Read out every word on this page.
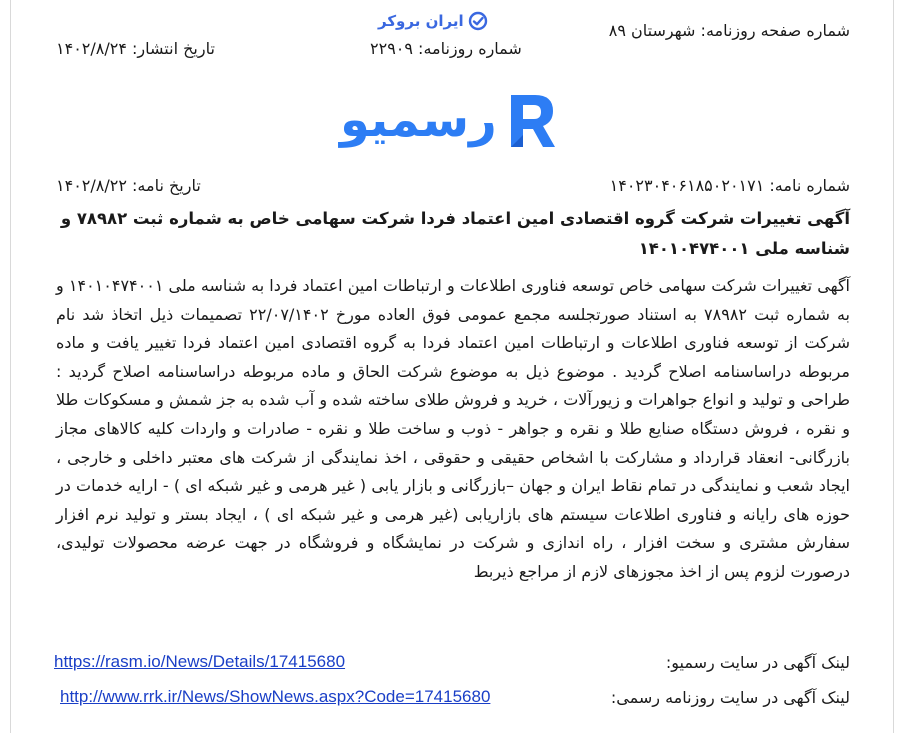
شماره صفحه روزنامه: شهرستان ۸۹
شماره روزنامه: ۲۲۹۰۹
تاریخ انتشار: ۱۴۰۲/۸/۲۴
ایران بروکر
رسمیو
شماره نامه: ۱۴۰۲۳۰۴۰۶۱۸۵۰۲۰۱۷۱
تاریخ نامه: ۱۴۰۲/۸/۲۲
آگهی تغییرات شرکت گروه اقتصادی امین اعتماد فردا شرکت سهامی خاص به شماره ثبت ۷۸۹۸۲ و شناسه ملی ۱۴۰۱۰۴۷۴۰۰۱
آگهی تغییرات شرکت سهامی خاص توسعه فناوری اطلاعات و ارتباطات امین اعتماد فردا به شناسه ملی ۱۴۰۱۰۴۷۴۰۰۱ و به شماره ثبت ۷۸۹۸۲ به استناد صورتجلسه مجمع عمومی فوق العاده مورخ ۲۲/۰۷/۱۴۰۲ تصمیمات ذیل اتخاذ شد نام شرکت از توسعه فناوری اطلاعات و ارتباطات امین اعتماد فردا به گروه اقتصادی امین اعتماد فردا تغییر یافت و ماده مربوطه دراساسنامه اصلاح گردید . موضوع ذیل به موضوع شرکت الحاق و ماده مربوطه دراساسنامه اصلاح گردید : طراحی و تولید و انواع جواهرات و زیورآلات ، خرید و فروش طلای ساخته شده و آب شده به جز شمش و مسکوکات طلا و نقره ، فروش دستگاه صنایع طلا و نقره و جواهر - ذوب و ساخت طلا و نقره - صادرات و واردات کلیه کالاهای مجاز بازرگانی- انعقاد قرارداد و مشارکت با اشخاص حقیقی و حقوقی ، اخذ نمایندگی از شرکت های معتبر داخلی و خارجی ، ایجاد شعب و نمایندگی در تمام نقاط ایران و جهان –بازرگانی و بازار یابی ( غیر هرمی و غیر شبکه ای ) - ارایه خدمات در حوزه های رایانه و فناوری اطلاعات سیستم های بازاریابی (غیر هرمی و غیر شبکه ای ) ، ایجاد بستر و تولید نرم افزار سفارش مشتری و سخت افزار ، راه اندازی و شرکت در نمایشگاه و فروشگاه در جهت عرضه محصولات تولیدی، درصورت لزوم پس از اخذ مجوزهای لازم از مراجع ذیربط
لینک آگهی در سایت رسمیو:
https://rasm.io/News/Details/17415680
لینک آگهی در سایت روزنامه رسمی:
http://www.rrk.ir/News/ShowNews.aspx?Code=17415680
